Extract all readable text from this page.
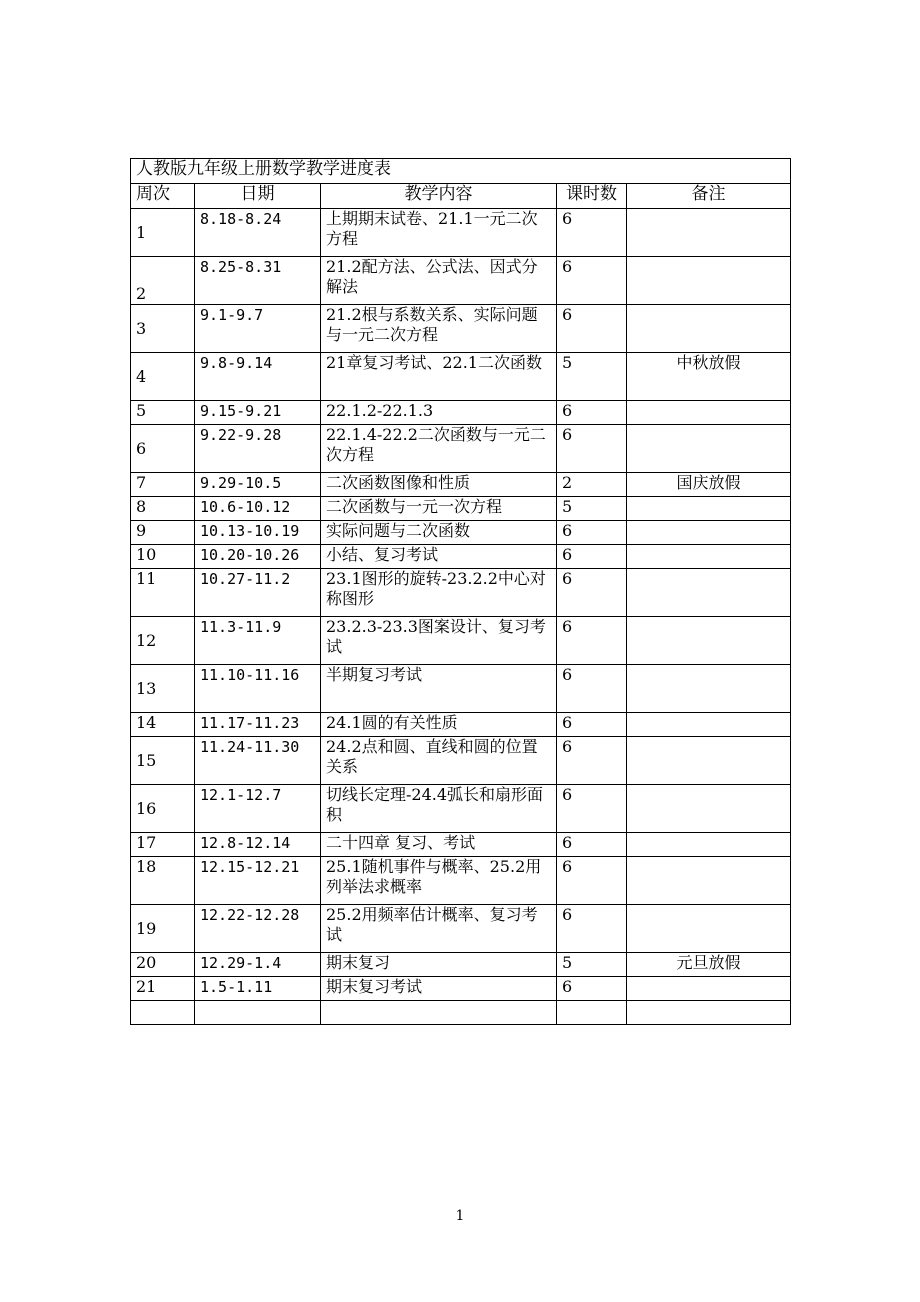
人教版九年级上册数学教学进度表				
周次	日期	教学内容	课时数	备注
1	8.18-8.24	上期期末试卷、21.1一元二次方程	6	
2	8.25-8.31	21.2配方法、公式法、因式分解法	6	
3	9.1-9.7	21.2根与系数关系、实际问题与一元二次方程	6	
4	9.8-9.14	21章复习考试、22.1二次函数	5	中秋放假
5	9.15-9.21	22.1.2-22.1.3	6	
6	9.22-9.28	22.1.4-22.2二次函数与一元二次方程	6	
7	9.29-10.5	二次函数图像和性质	2	国庆放假
8	10.6-10.12	二次函数与一元一次方程	5	
9	10.13-10.19	实际问题与二次函数	6	
10	10.20-10.26	小结、复习考试	6	
11	10.27-11.2	23.1图形的旋转-23.2.2中心对称图形	6	
12	11.3-11.9	23.2.3-23.3图案设计、复习考试	6	
13	11.10-11.16	半期复习考试	6	
14	11.17-11.23	24.1圆的有关性质	6	
15	11.24-11.30	24.2点和圆、直线和圆的位置关系	6	
16	12.1-12.7	切线长定理-24.4弧长和扇形面积	6	
17	12.8-12.14	二十四章 复习、考试	6	
18	12.15-12.21	25.1随机事件与概率、25.2用列举法求概率	6	
19	12.22-12.28	25.2用频率估计概率、复习考试	6	
20	12.29-1.4	期末复习	5	元旦放假
21	1.5-1.11	期末复习考试	6	

1
